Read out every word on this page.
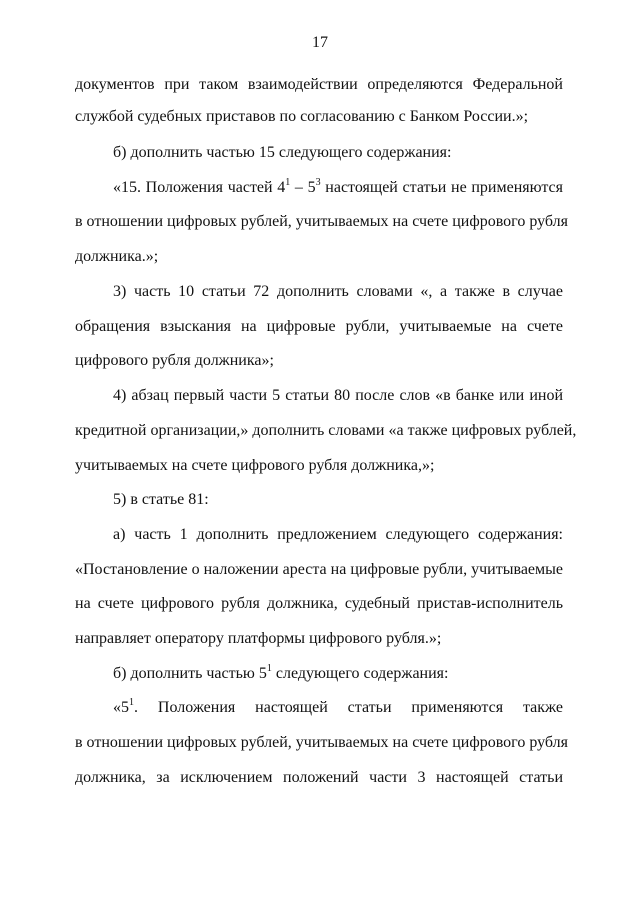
17
документов при таком взаимодействии определяются Федеральной
службой судебных приставов по согласованию с Банком России.»;
б) дополнить частью 15 следующего содержания:
«15. Положения частей $4^1 - 5^3$ настоящей статьи не применяются
в отношении цифровых рублей, учитываемых на счете цифрового рубля
должника.»;
3) часть 10 статьи 72 дополнить словами «, а также в случае
обращения взыскания на цифровые рубли, учитываемые на счете
цифрового рубля должника»;
4) абзац первый части 5 статьи 80 после слов «в банке или иной
кредитной организации,» дополнить словами «а также цифровых рублей,
учитываемых на счете цифрового рубля должника,»;
5) в статье 81:
а) часть 1 дополнить предложением следующего содержания:
«Постановление о наложении ареста на цифровые рубли, учитываемые
на счете цифрового рубля должника, судебный пристав-исполнитель
направляет оператору платформы цифрового рубля.»;
б) дополнить частью $5^1$ следующего содержания:
«$5^1$. Положения настоящей статьи применяются также
в отношении цифровых рублей, учитываемых на счете цифрового рубля
должника, за исключением положений части 3 настоящей статьи
